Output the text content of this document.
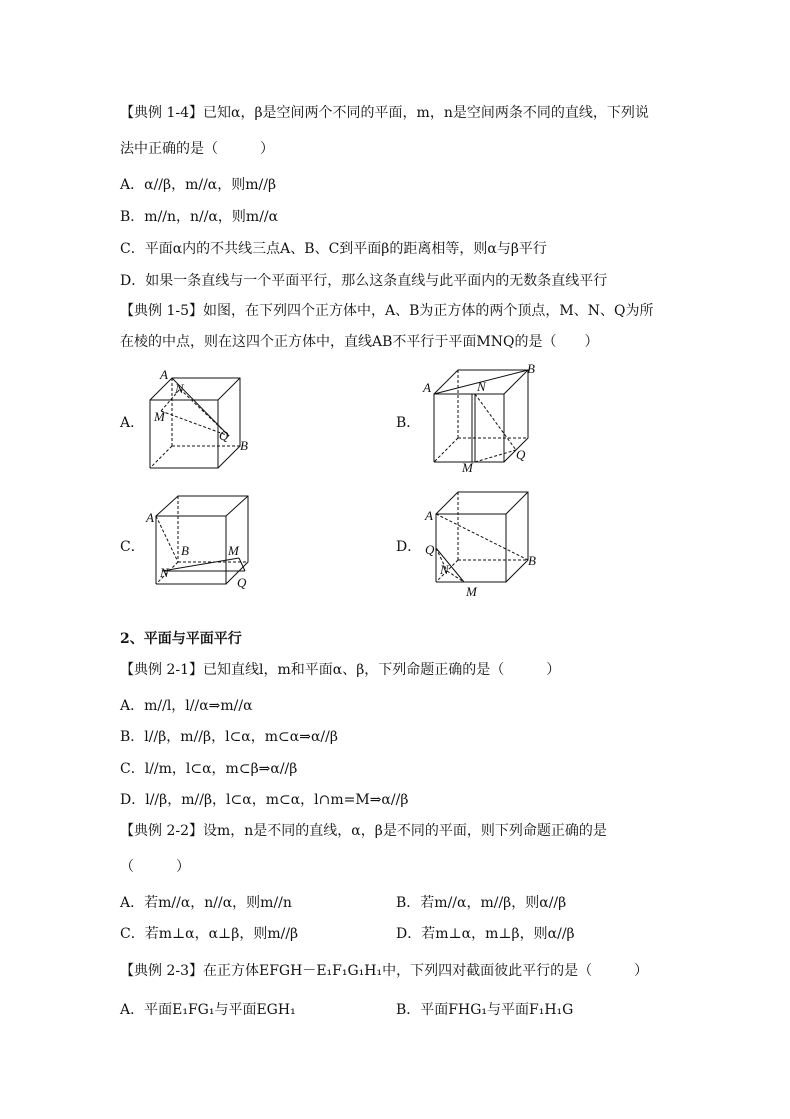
【典例 1-4】已知α，β是空间两个不同的平面，m，n是空间两条不同的直线，下列说
法中正确的是（　　　）
A．α//β，m//α，则m//β
B．m//n，n//α，则m//α
C．平面α内的不共线三点A、B、C到平面β的距离相等，则α与β平行
D．如果一条直线与一个平面平行，那么这条直线与此平面内的无数条直线平行
【典例 1-5】如图，在下列四个正方体中，A、B为正方体的两个顶点，M、N、Q为所
在棱的中点，则在这四个正方体中，直线AB不平行于平面MNQ的是（　　）
A．	B．
C．	D．
A
N
M
Q
B
A	N
B
M
Q
A
B	M
N
Q
A
Q
N
B
M
2、平面与平面平行
【典例 2-1】已知直线l，m和平面α、β，下列命题正确的是（　　　）
A．m//l，l//α⇒m//α
B．l//β，m//β，l⊂α，m⊂α⇒α//β
C．l//m，l⊂α，m⊂β⇒α//β
D．l//β，m//β，l⊂α，m⊂α，l∩m=M⇒α//β
【典例 2-2】设m，n是不同的直线，α，β是不同的平面，则下列命题正确的是
（　　　）
A．若m//α，n//α，则m//n	B．若m//α，m//β，则α//β
C．若m⊥α，α⊥β，则m//β	D．若m⊥α，m⊥β，则α//β
【典例 2-3】在正方体EFGH－E₁F₁G₁H₁中，下列四对截面彼此平行的是（　　　）
A．平面E₁FG₁与平面EGH₁	B．平面FHG₁与平面F₁H₁G
